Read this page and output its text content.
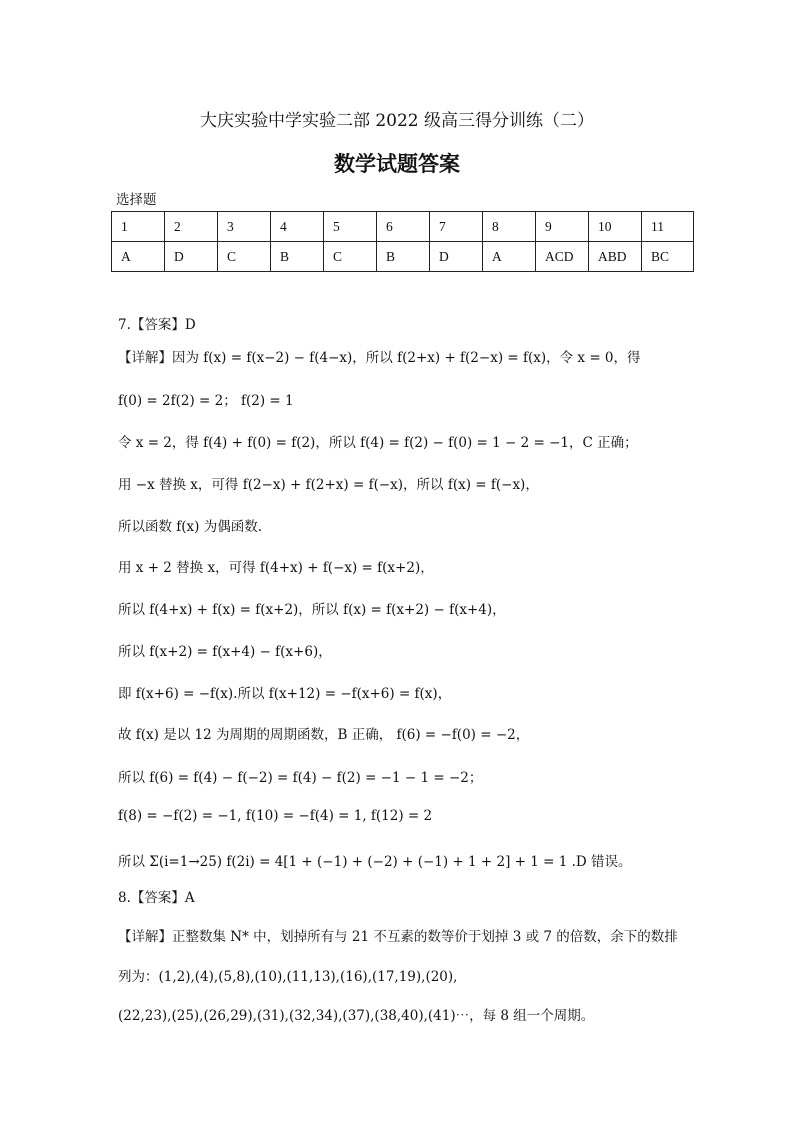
大庆实验中学实验二部 2022 级高三得分训练（二）
数学试题答案
选择题
1	2	3	4	5	6	7	8	9	10	11
A	D	C	B	C	B	D	A	ACD	ABD	BC
7.【答案】D
【详解】因为 f(x) = f(x−2) − f(4−x)，所以 f(2+x) + f(2−x) = f(x)，令 x = 0，得
f(0) = 2f(2) = 2； f(2) = 1
令 x = 2，得 f(4) + f(0) = f(2)，所以 f(4) = f(2) − f(0) = 1 − 2 = −1，C 正确；
用 −x 替换 x，可得 f(2−x) + f(2+x) = f(−x)，所以 f(x) = f(−x)，
所以函数 f(x) 为偶函数.
用 x + 2 替换 x，可得 f(4+x) + f(−x) = f(x+2)，
所以 f(4+x) + f(x) = f(x+2)，所以 f(x) = f(x+2) − f(x+4)，
所以 f(x+2) = f(x+4) − f(x+6)，
即 f(x+6) = −f(x).所以 f(x+12) = −f(x+6) = f(x)，
故 f(x) 是以 12 为周期的周期函数，B 正确， f(6) = −f(0) = −2，
所以 f(6) = f(4) − f(−2) = f(4) − f(2) = −1 − 1 = −2；
f(8) = −f(2) = −1, f(10) = −f(4) = 1, f(12) = 2
所以 Σ(i=1→25) f(2i) = 4[1 + (−1) + (−2) + (−1) + 1 + 2] + 1 = 1 .D 错误。
8.【答案】A
【详解】正整数集 N* 中，划掉所有与 21 不互素的数等价于划掉 3 或 7 的倍数，余下的数排
列为：(1,2),(4),(5,8),(10),(11,13),(16),(17,19),(20),
(22,23),(25),(26,29),(31),(32,34),(37),(38,40),(41)⋯，每 8 组一个周期。
